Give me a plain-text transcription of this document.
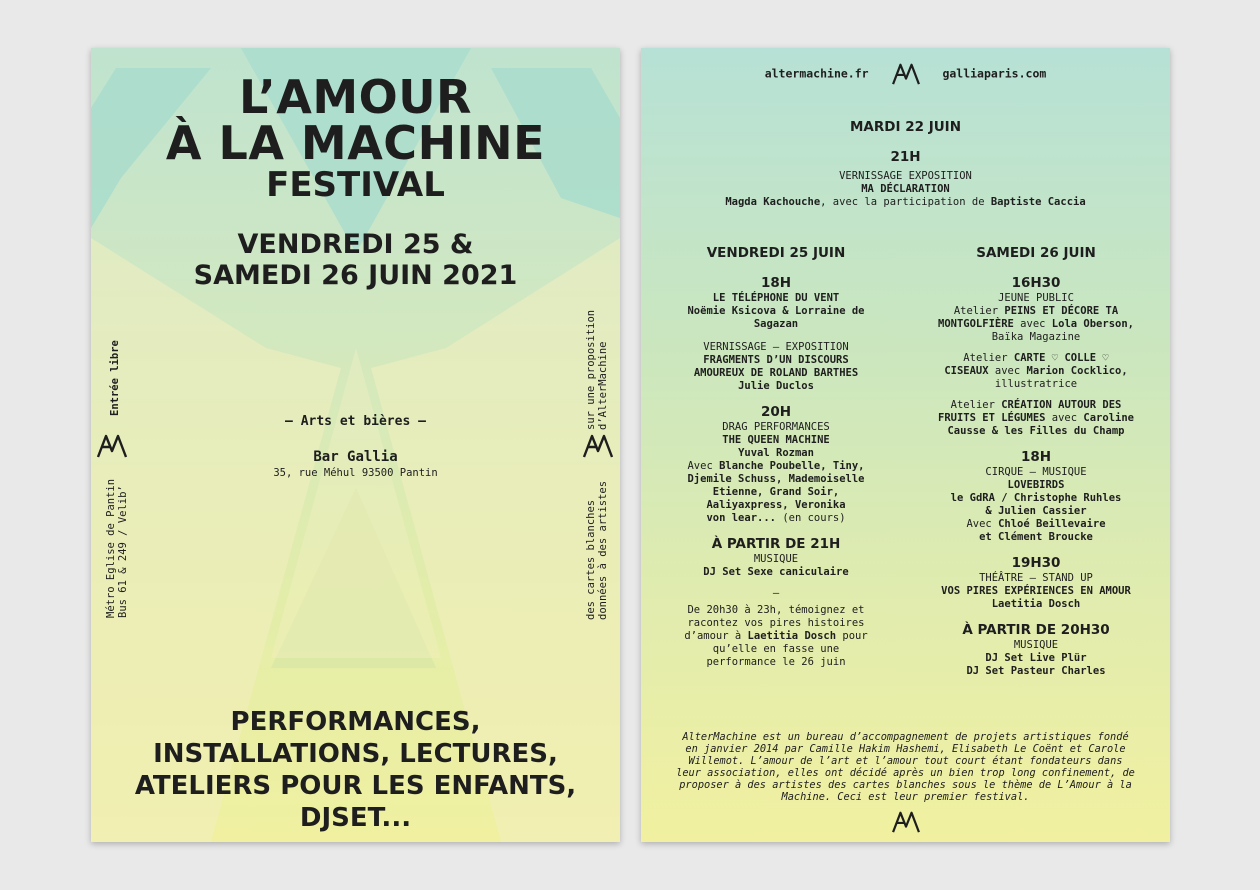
L’AMOUR
À LA MACHINE
FESTIVAL
VENDREDI 25 &
SAMEDI 26 JUIN 2021
— Arts et bières —
Bar Gallia
35, rue Méhul 93500 Pantin
Métro Eglise de Pantin Bus 61 & 249 / Velib’
Entrée libre	sur une proposition d’AlterMachine
des cartes blanches données à des artistes
PERFORMANCES,
INSTALLATIONS, LECTURES,
ATELIERS POUR LES ENFANTS,
DJSET...
altermachine.fr	galliaparis.com
MARDI 22 JUIN
21H
VERNISSAGE EXPOSITION
MA DÉCLARATION
Magda Kachouche, avec la participation de Baptiste Caccia
VENDREDI 25 JUIN
18H
LE TÉLÉPHONE DU VENT
Noëmie Ksicova & Lorraine de
Sagazan
VERNISSAGE – EXPOSITION
FRAGMENTS D’UN DISCOURS
AMOUREUX DE ROLAND BARTHES
Julie Duclos
20H
DRAG PERFORMANCES
THE QUEEN MACHINE
Yuval Rozman
Avec Blanche Poubelle, Tiny,
Djemile Schuss, Mademoiselle
Etienne, Grand Soir,
Aaliyaxpress, Veronika
von lear... (en cours)
À PARTIR DE 21H
MUSIQUE
DJ Set Sexe caniculaire
–
De 20h30 à 23h, témoignez et
racontez vos pires histoires
d’amour à Laetitia Dosch pour
qu’elle en fasse une
performance le 26 juin
SAMEDI 26 JUIN
16H30
JEUNE PUBLIC
Atelier PEINS ET DÉCORE TA
MONTGOLFIÈRE avec Lola Oberson,
Baïka Magazine
Atelier CARTE ♡ COLLE ♡
CISEAUX avec Marion Cocklico,
illustratrice
Atelier CRÉATION AUTOUR DES
FRUITS ET LÉGUMES avec Caroline
Causse & les Filles du Champ
18H
CIRQUE – MUSIQUE
LOVEBIRDS
le GdRA / Christophe Ruhles
& Julien Cassier
Avec Chloé Beillevaire
et Clément Broucke
19H30
THÉÂTRE – STAND UP
VOS PIRES EXPÉRIENCES EN AMOUR
Laetitia Dosch
À PARTIR DE 20H30
MUSIQUE
DJ Set Live Plür
DJ Set Pasteur Charles
AlterMachine est un bureau d’accompagnement de projets artistiques fondé
en janvier 2014 par Camille Hakim Hashemi, Elisabeth Le Coënt et Carole
Willemot. L’amour de l’art et l’amour tout court étant fondateurs dans
leur association, elles ont décidé après un bien trop long confinement, de
proposer à des artistes des cartes blanches sous le thème de L’Amour à la
Machine. Ceci est leur premier festival.
